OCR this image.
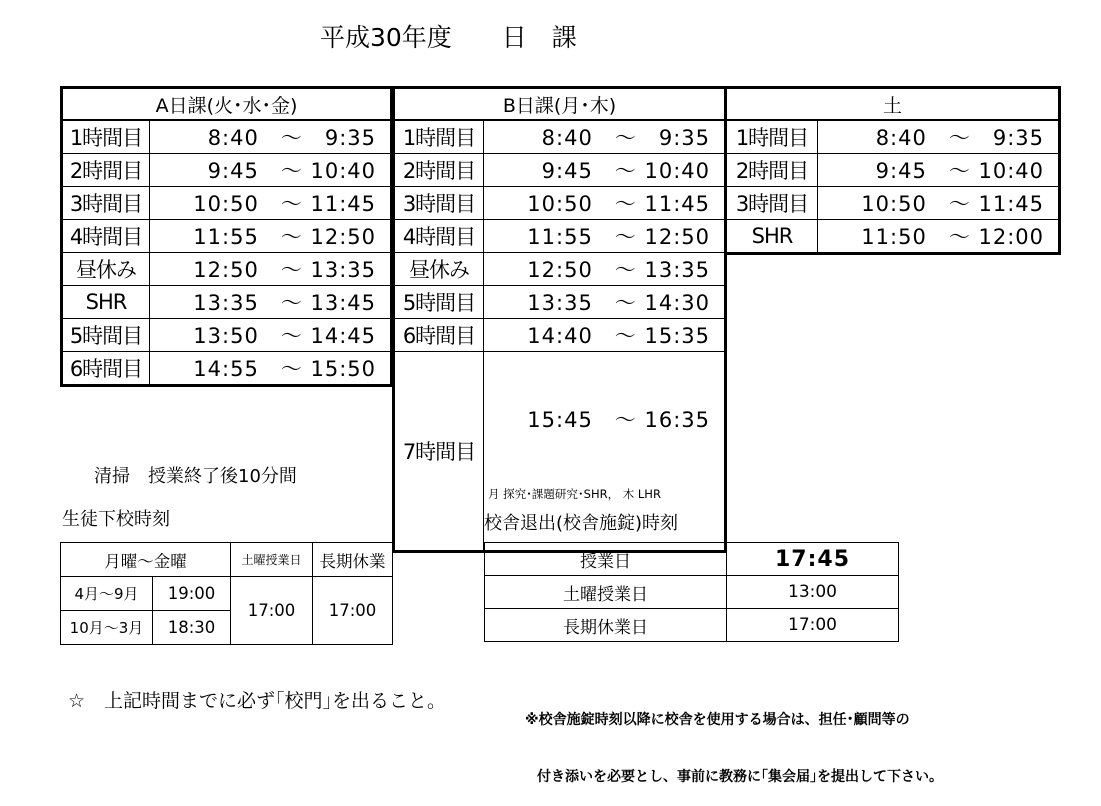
平成30年度　　日　課
A日課(火･水･金)	
1時間目	8:40　～　9:35
2時間目	9:45　～ 10:40
3時間目	10:50　～ 11:45
4時間目	11:55　～ 12:50
昼休み	12:50　～ 13:35
SHR	13:35　～ 13:45
5時間目	13:50　～ 14:45
6時間目	14:55　～ 15:50
B日課(月･木)	
1時間目	8:40　～　9:35
2時間目	9:45　～ 10:40
3時間目	10:50　～ 11:45
4時間目	11:55　～ 12:50
昼休み	12:50　～ 13:35
5時間目	13:35　～ 14:30
6時間目	14:40　～ 15:35
7時間目	15:45　～ 16:35

月 探究･課題研究･SHR， 木 LHR

土	
1時間目	8:40　～　9:35
2時間目	9:45　～ 10:40
3時間目	10:50　～ 11:45
SHR	11:50　～ 12:00
清掃　授業終了後10分間
生徒下校時刻	校舎退出(校舎施錠)時刻
月曜～金曜		土曜授業日	長期休業
4月～9月	19:00	17:00	17:00
10月～3月	18:30		
授業日	17:45
土曜授業日	13:00
長期休業日	17:00
☆　上記時間までに必ず｢校門｣を出ること。

※校舎施錠時刻以降に校舎を使用する場合は、担任･顧問等の

付き添いを必要とし、事前に教務に｢集会届｣を提出して下さい。
